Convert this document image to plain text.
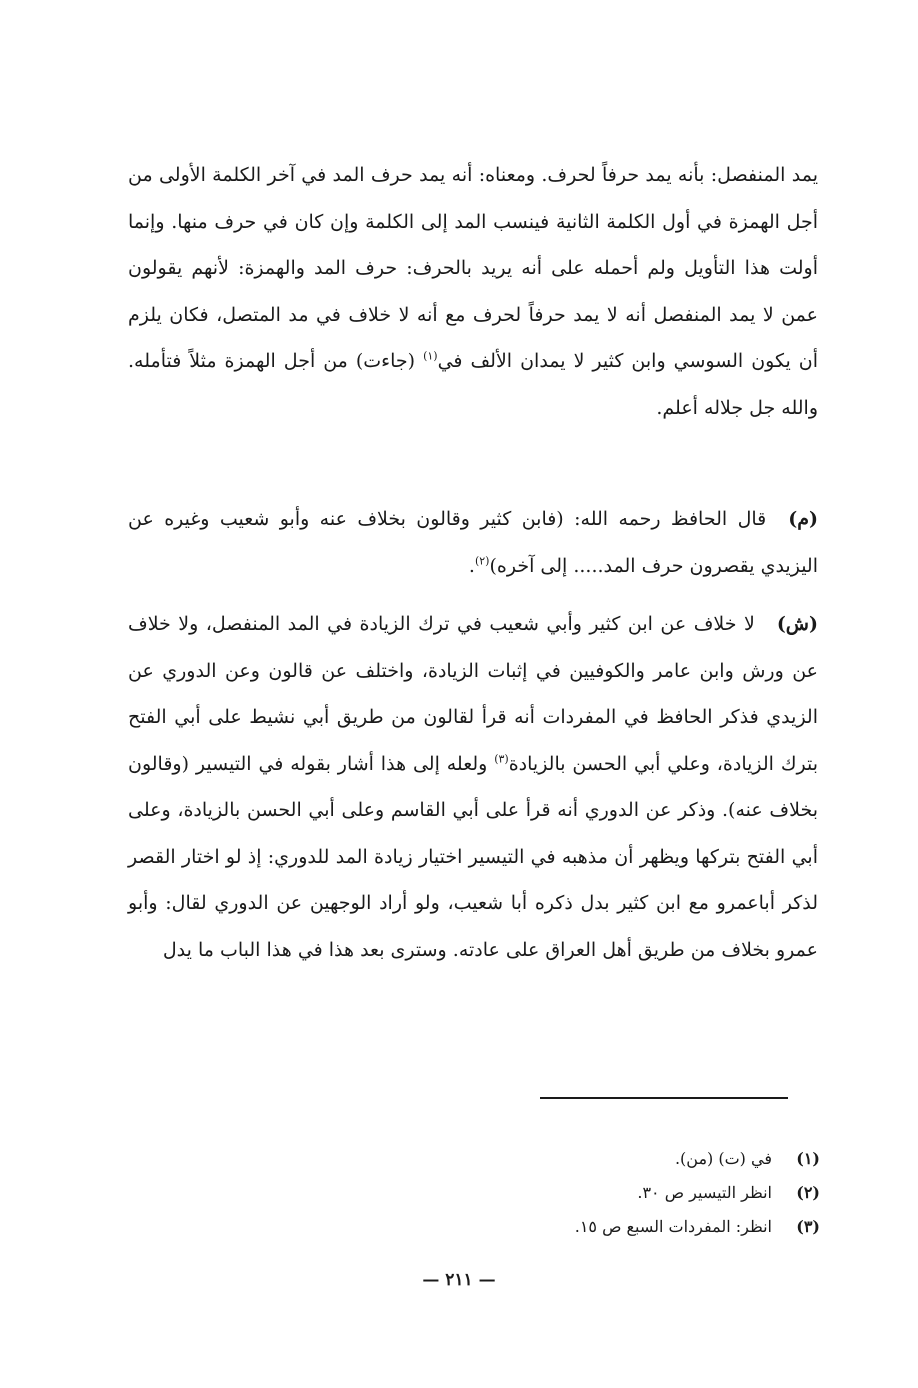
يمد المنفصل: بأنه يمد حرفاً لحرف. ومعناه: أنه يمد حرف المد في آخر الكلمة الأولى من أجل الهمزة في أول الكلمة الثانية فينسب المد إلى الكلمة وإن كان في حرف منها. وإنما أولت هذا التأويل ولم أحمله على أنه يريد بالحرف: حرف المد والهمزة: لأنهم يقولون عمن لا يمد المنفصل أنه لا يمد حرفاً لحرف مع أنه لا خلاف في مد المتصل، فكان يلزم أن يكون السوسي وابن كثير لا يمدان الألف في$^{(١)}$ (جاءت) من أجل الهمزة مثلاً فتأمله. والله جل جلاله أعلم.

(م)قال الحافظ رحمه الله: (فابن كثير وقالون بخلاف عنه وأبو شعيب وغيره عن اليزيدي يقصرون حرف المد..... إلى آخره)$^{(٢)}$.

(ش)لا خلاف عن ابن كثير وأبي شعيب في ترك الزيادة في المد المنفصل، ولا خلاف عن ورش وابن عامر والكوفيين في إثبات الزيادة، واختلف عن قالون وعن الدوري عن الزيدي فذكر الحافظ في المفردات أنه قرأ لقالون من طريق أبي نشيط على أبي الفتح بترك الزيادة، وعلي أبي الحسن بالزيادة$^{(٣)}$ ولعله إلى هذا أشار بقوله في التيسير (وقالون بخلاف عنه). وذكر عن الدوري أنه قرأ على أبي القاسم وعلى أبي الحسن بالزيادة، وعلى أبي الفتح بتركها ويظهر أن مذهبه في التيسير اختيار زيادة المد للدوري: إذ لو اختار القصر لذكر أباعمرو مع ابن كثير بدل ذكره أبا شعيب، ولو أراد الوجهين عن الدوري لقال: وأبو عمرو بخلاف من طريق أهل العراق على عادته. وسترى بعد هذا في هذا الباب ما يدل

(١)في (ت) (من).
(٢)انظر التيسير ص ٣٠.
(٣)انظر: المفردات السبع ص ١٥.
— ٢١١ —
